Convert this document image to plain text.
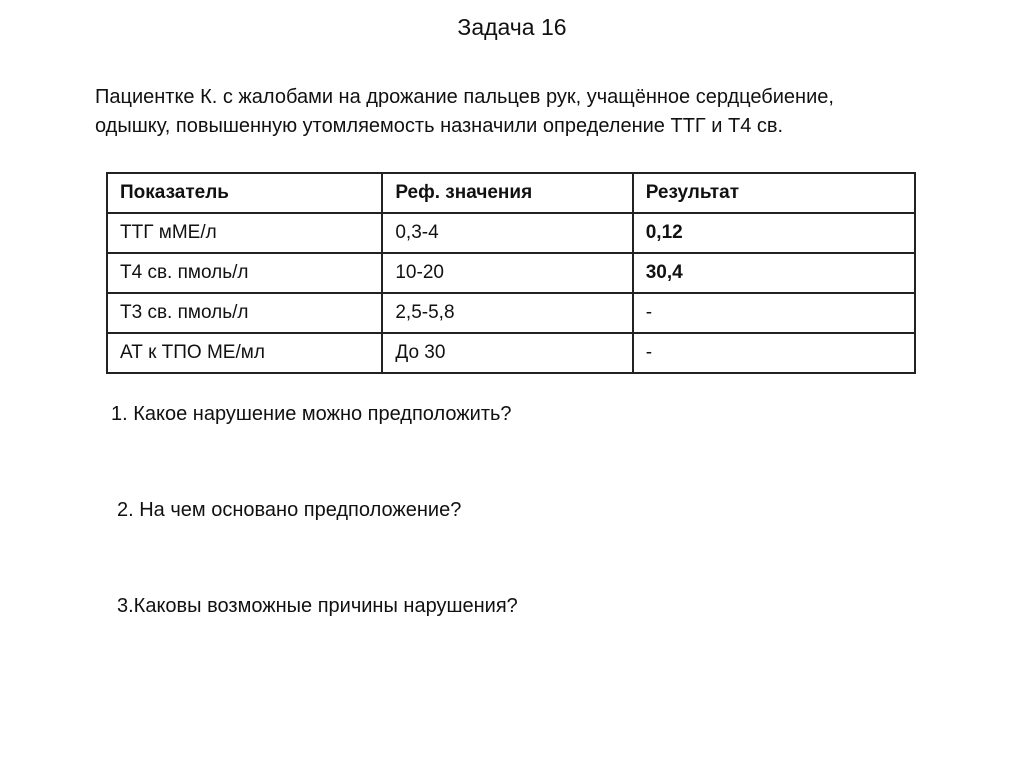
Задача 16

Пациентке К. с жалобами на дрожание пальцев рук, учащённое сердцебиение,

одышку, повышенную утомляемость назначили определение ТТГ и Т4 св.

Показатель	Реф. значения	Результат
ТТГ мМЕ/л	0,3-4	0,12
Т4 св. пмоль/л	10-20	30,4
Т3 св. пмоль/л	2,5-5,8	-
АТ к ТПО МЕ/мл	До 30	-
1. Какое нарушение можно предположить?
2. На чем основано предположение?
3.Каковы возможные причины нарушения?
